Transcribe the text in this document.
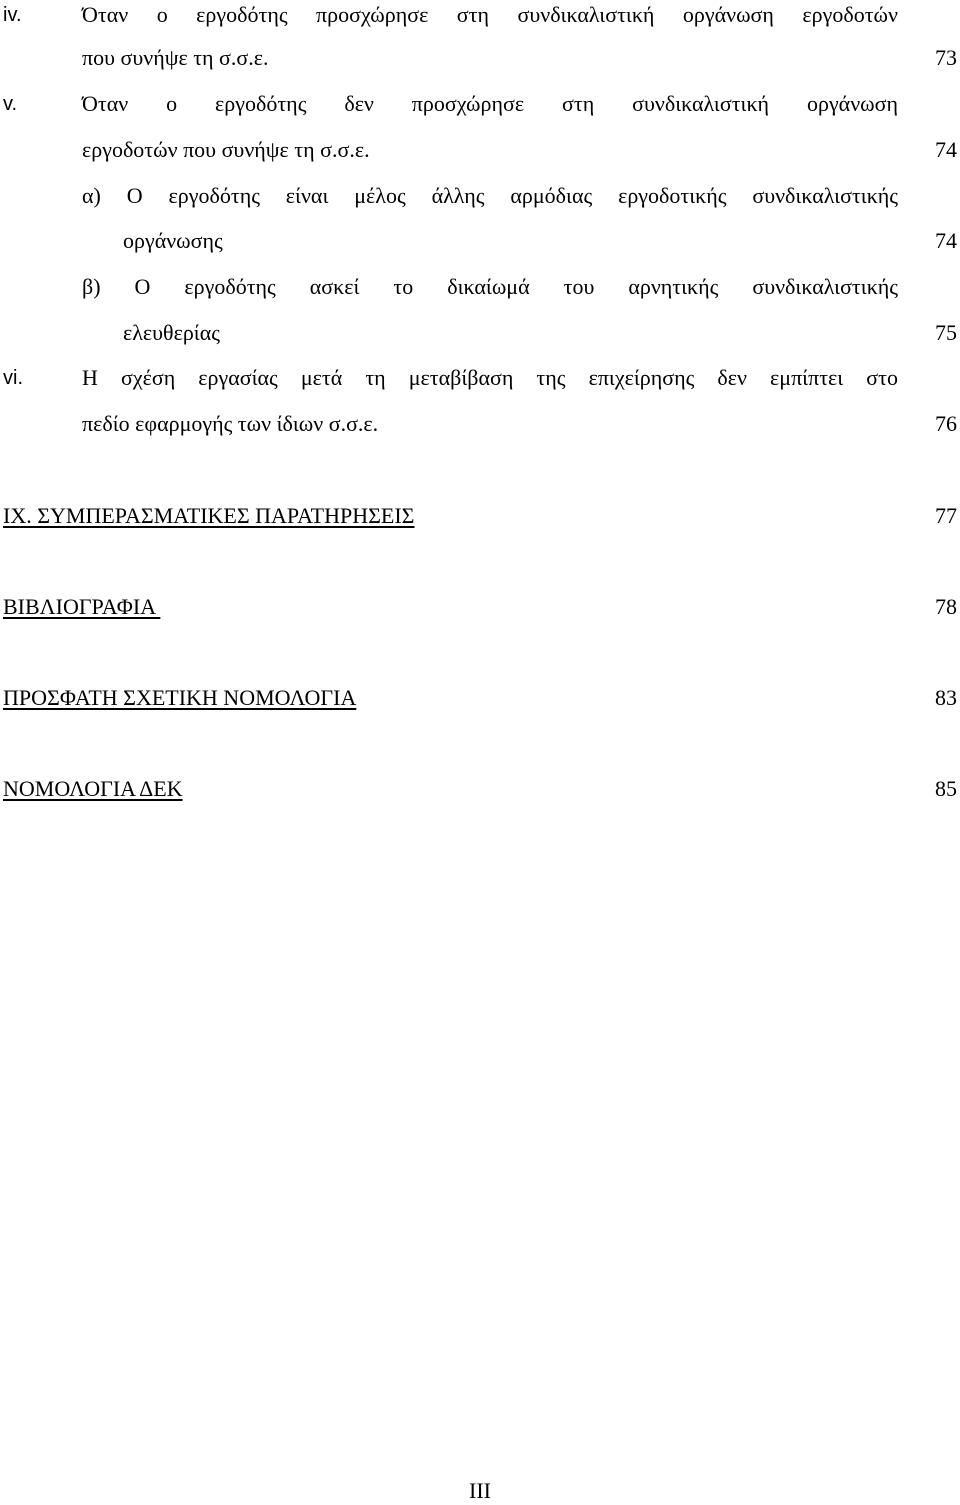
iv.	Όταν ο εργοδότης προσχώρησε στη συνδικαλιστική οργάνωση εργοδοτών
που συνήψε τη σ.σ.ε.	73
v.	Όταν ο εργοδότης δεν προσχώρησε στη συνδικαλιστική οργάνωση
εργοδοτών που συνήψε τη σ.σ.ε.	74
α) Ο εργοδότης είναι μέλος άλλης αρμόδιας εργοδοτικής συνδικαλιστικής
οργάνωσης	74
β) Ο εργοδότης ασκεί το δικαίωμά του αρνητικής συνδικαλιστικής
ελευθερίας	75
vi.	Η σχέση εργασίας μετά τη μεταβίβαση της επιχείρησης δεν εμπίπτει στο
πεδίο εφαρμογής των ίδιων σ.σ.ε.	76
IX. ΣΥΜΠΕΡΑΣΜΑΤΙΚΕΣ ΠΑΡΑΤΗΡΗΣΕΙΣ	77
ΒΙΒΛΙΟΓΡΑΦΙΑ	78
ΠΡΟΣΦΑΤΗ ΣΧΕΤΙΚΗ ΝΟΜΟΛΟΓΙΑ	83
ΝΟΜΟΛΟΓΙΑ ΔΕΚ	85
III
